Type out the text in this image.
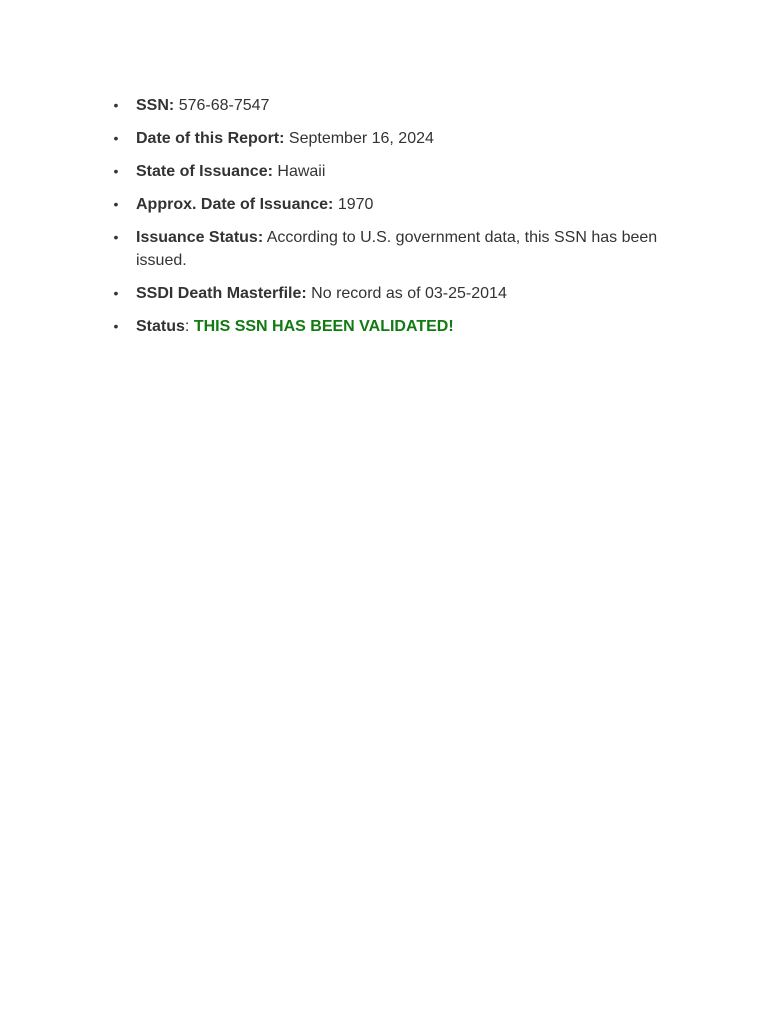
• SSN: 576-68-7547
• Date of this Report: September 16, 2024
• State of Issuance: Hawaii
• Approx. Date of Issuance: 1970
• Issuance Status: According to U.S. government data, this SSN has been issued.
• SSDI Death Masterfile: No record as of 03-25-2014
• Status: THIS SSN HAS BEEN VALIDATED!
